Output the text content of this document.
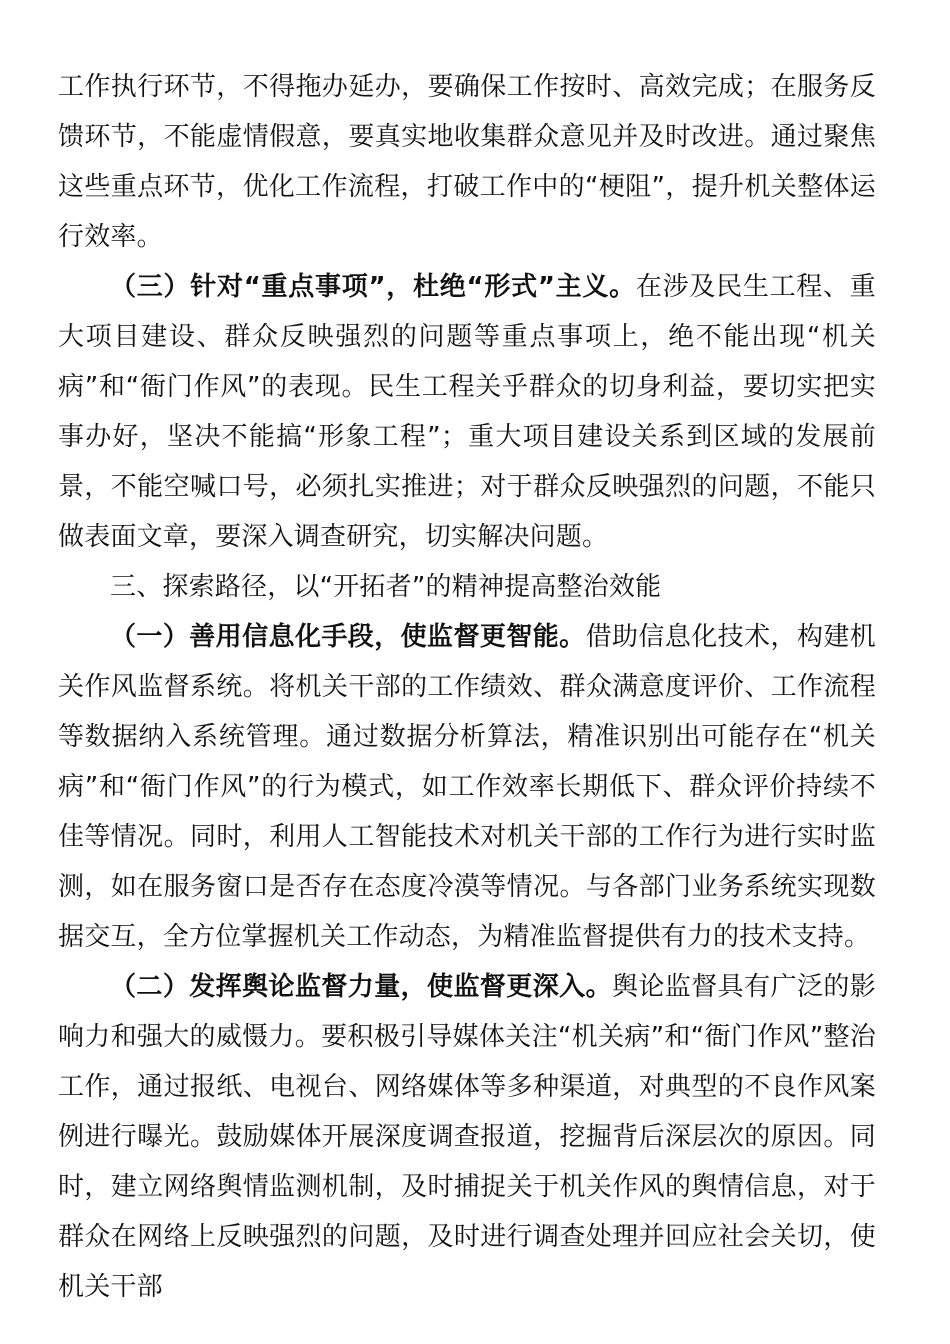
工作执行环节，不得拖办延办，要确保工作按时、高效完成；在服务反馈环节，不能虚情假意，要真实地收集群众意见并及时改进。通过聚焦这些重点环节，优化工作流程，打破工作中的“梗阻”，提升机关整体运行效率。

（三）针对“重点事项”，杜绝“形式”主义。在涉及民生工程、重大项目建设、群众反映强烈的问题等重点事项上，绝不能出现“机关病”和“衙门作风”的表现。民生工程关乎群众的切身利益，要切实把实事办好，坚决不能搞“形象工程”；重大项目建设关系到区域的发展前景，不能空喊口号，必须扎实推进；对于群众反映强烈的问题，不能只做表面文章，要深入调查研究，切实解决问题。

三、探索路径，以“开拓者”的精神提高整治效能

（一）善用信息化手段，使监督更智能。借助信息化技术，构建机关作风监督系统。将机关干部的工作绩效、群众满意度评价、工作流程等数据纳入系统管理。通过数据分析算法，精准识别出可能存在“机关病”和“衙门作风”的行为模式，如工作效率长期低下、群众评价持续不佳等情况。同时，利用人工智能技术对机关干部的工作行为进行实时监测，如在服务窗口是否存在态度冷漠等情况。与各部门业务系统实现数据交互，全方位掌握机关工作动态，为精准监督提供有力的技术支持。

（二）发挥舆论监督力量，使监督更深入。舆论监督具有广泛的影响力和强大的威慑力。要积极引导媒体关注“机关病”和“衙门作风”整治工作，通过报纸、电视台、网络媒体等多种渠道，对典型的不良作风案例进行曝光。鼓励媒体开展深度调查报道，挖掘背后深层次的原因。同时，建立网络舆情监测机制，及时捕捉关于机关作风的舆情信息，对于群众在网络上反映强烈的问题，及时进行调查处理并回应社会关切，使机关干部
